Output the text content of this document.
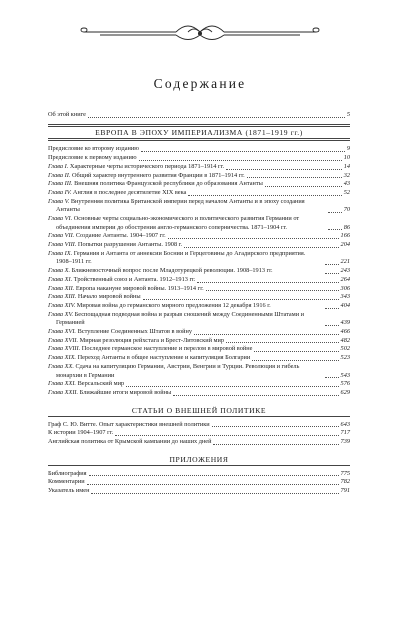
Содержание
Об этой книге	5
ЕВРОПА В ЭПОХУ ИМПЕРИАЛИЗМА (1871–1919 гг.)
Предисловие ко второму изданию	9
Предисловие к первому изданию	10
Глава I. Характерные черты исторического периода 1871–1914 гг.	14
Глава II. Общий характер внутреннего развития Франции в 1871–1914 гг.	32
Глава III. Внешняя политика Французской республики до образования Антанты	43
Глава IV. Англия в последнее десятилетие XIX века	52
Глава V. Внутренняя политика Британской империи перед началом Антанты и в эпоху создания Антанты	70
Глава VI. Основные черты социально-экономического и политического развития Германии от объединения империи до обострения англо-германского соперничества. 1871–1904 гг.	86
Глава VII. Создание Антанты. 1904–1907 гг.	166
Глава VIII. Попытки разрушения Антанты. 1908 г.	204
Глава IX. Германия и Антанта от аннексии Боснии и Герцеговины до Агадирского предприятия. 1908–1911 гг.	221
Глава X. Ближневосточный вопрос после Младотурецкой революции. 1908–1913 гг.	243
Глава XI. Тройственный союз и Антанта. 1912–1913 гг.	264
Глава XII. Европа накануне мировой войны. 1913–1914 гг.	306
Глава XIII. Начало мировой войны	343
Глава XIV. Мировая война до германского мирного предложения 12 декабря 1916 г.	404
Глава XV. Беспощадная подводная война и разрыв сношений между Соединенными Штатами и Германией	439
Глава XVI. Вступление Соединенных Штатов в войну	466
Глава XVII. Мирная резолюция рейхстага и Брест-Литовский мир	482
Глава XVIII. Последнее германское наступление и перелом в мировой войне	502
Глава XIX. Переход Антанты в общее наступление и капитуляция Болгарии	523
Глава XX. Сдача на капитуляцию Германии, Австрии, Венгрии и Турции. Революция и гибель монархии в Германии	543
Глава XXI. Версальский мир	576
Глава XXII. Ближайшие итоги мировой войны	629
СТАТЬИ О ВНЕШНЕЙ ПОЛИТИКЕ
Граф С. Ю. Витте. Опыт характеристики внешней политики	643
К истории 1904–1907 гг.	717
Английская политика от Крымской кампании до наших дней	739
ПРИЛОЖЕНИЯ
Библиография	775
Комментарии	782
Указатель имен	791
